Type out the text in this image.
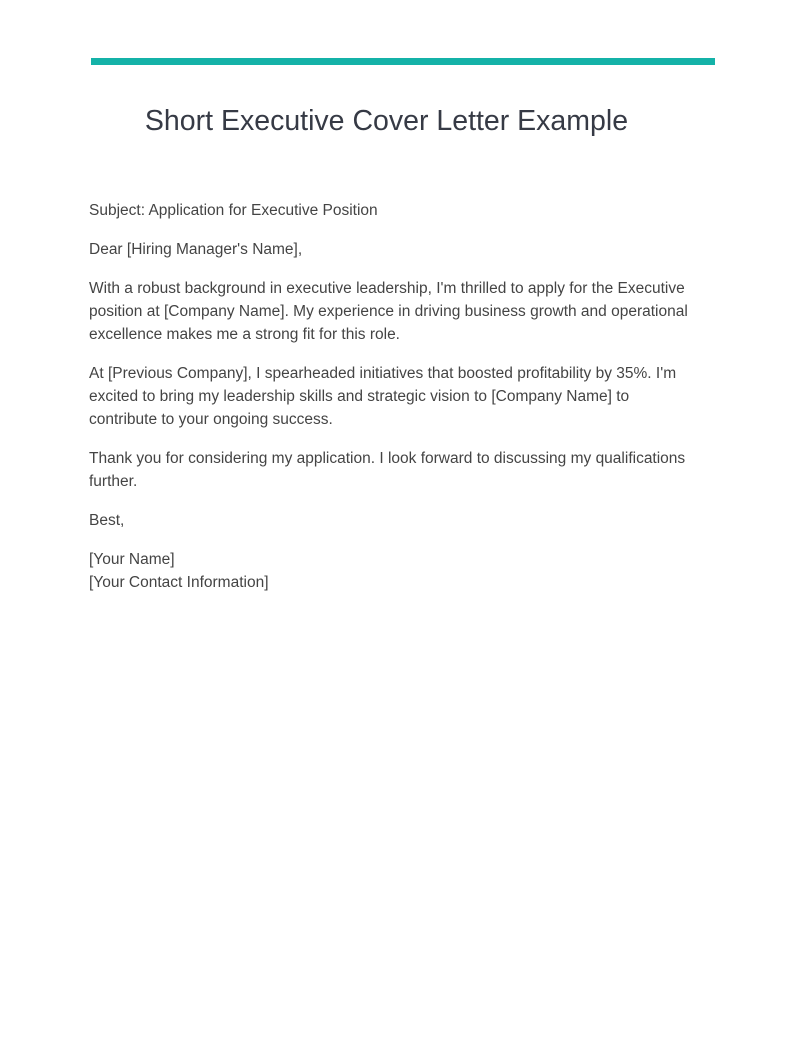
Short Executive Cover Letter Example

Subject: Application for Executive Position

Dear [Hiring Manager's Name],

With a robust background in executive leadership, I'm thrilled to apply for the Executive position at [Company Name]. My experience in driving business growth and operational excellence makes me a strong fit for this role.

At [Previous Company], I spearheaded initiatives that boosted profitability by 35%. I'm excited to bring my leadership skills and strategic vision to [Company Name] to contribute to your ongoing success.

Thank you for considering my application. I look forward to discussing my qualifications further.

Best,

[Your Name]
[Your Contact Information]
